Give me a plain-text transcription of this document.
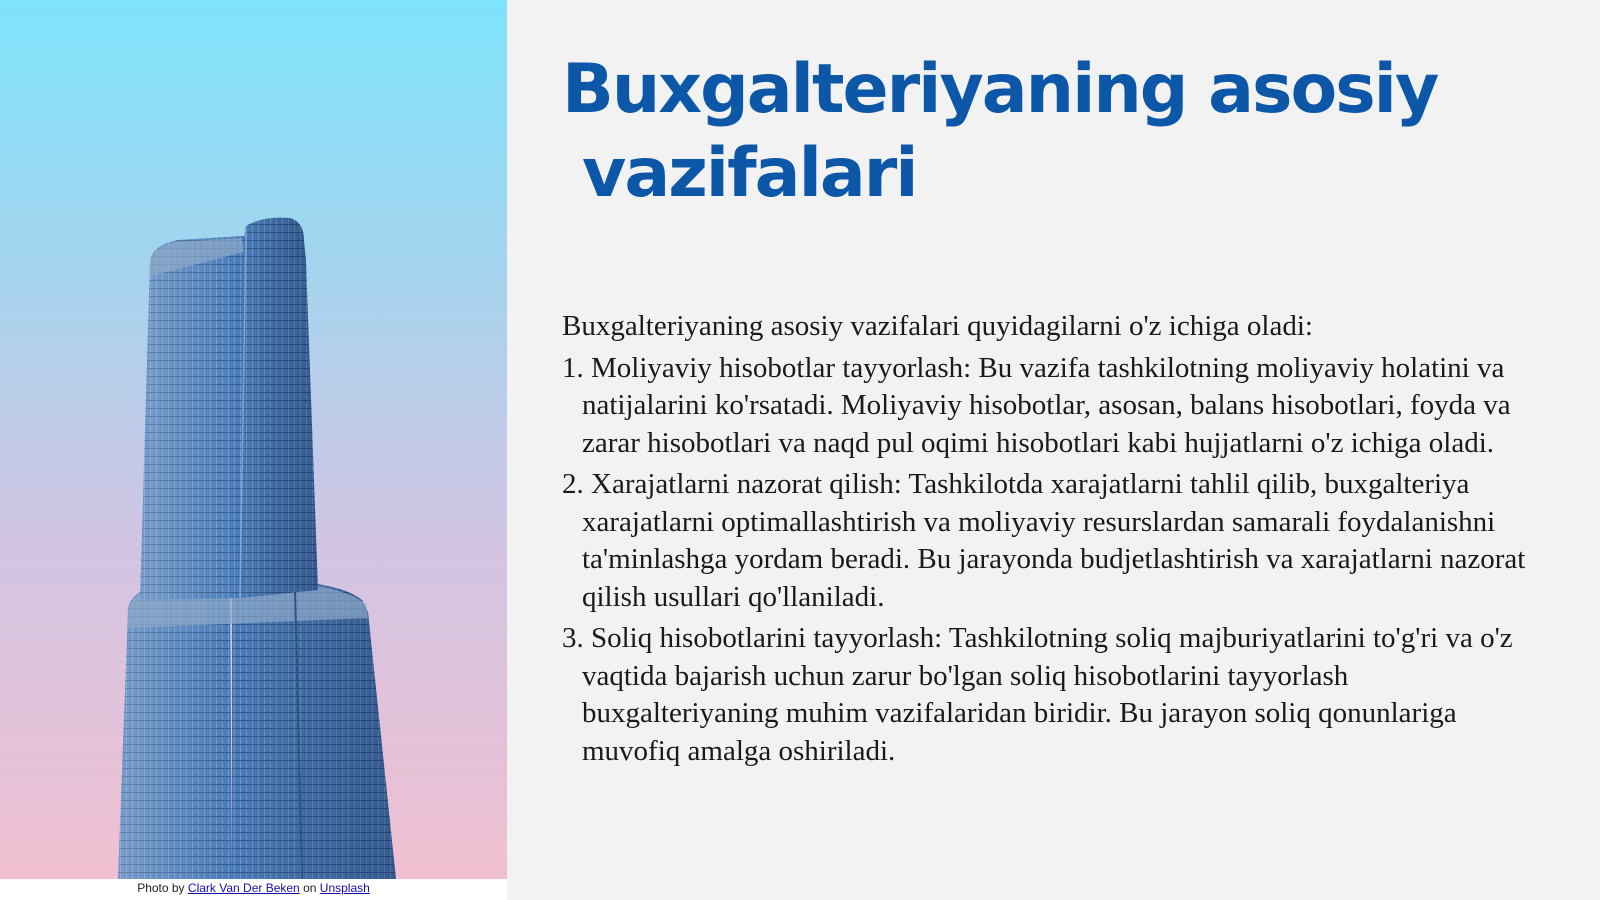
Photo by Clark Van Der Beken on Unsplash
Buxgalteriyaning asosiy
vazifalari

Buxgalteriyaning asosiy vazifalari quyidagilarni o'z ichiga oladi:

1. Moliyaviy hisobotlar tayyorlash: Bu vazifa tashkilotning moliyaviy holatini va natijalarini ko'rsatadi. Moliyaviy hisobotlar, asosan, balans hisobotlari, foyda va zarar hisobotlari va naqd pul oqimi hisobotlari kabi hujjatlarni o'z ichiga oladi.
2. Xarajatlarni nazorat qilish: Tashkilotda xarajatlarni tahlil qilib, buxgalteriya xarajatlarni optimallashtirish va moliyaviy resurslardan samarali foydalanishni ta'minlashga yordam beradi. Bu jarayonda budjetlashtirish va xarajatlarni nazorat qilish usullari qo'llaniladi.
3. Soliq hisobotlarini tayyorlash: Tashkilotning soliq majburiyatlarini to'g'ri va o'z vaqtida bajarish uchun zarur bo'lgan soliq hisobotlarini tayyorlash buxgalteriyaning muhim vazifalaridan biridir. Bu jarayon soliq qonunlariga muvofiq amalga oshiriladi.
